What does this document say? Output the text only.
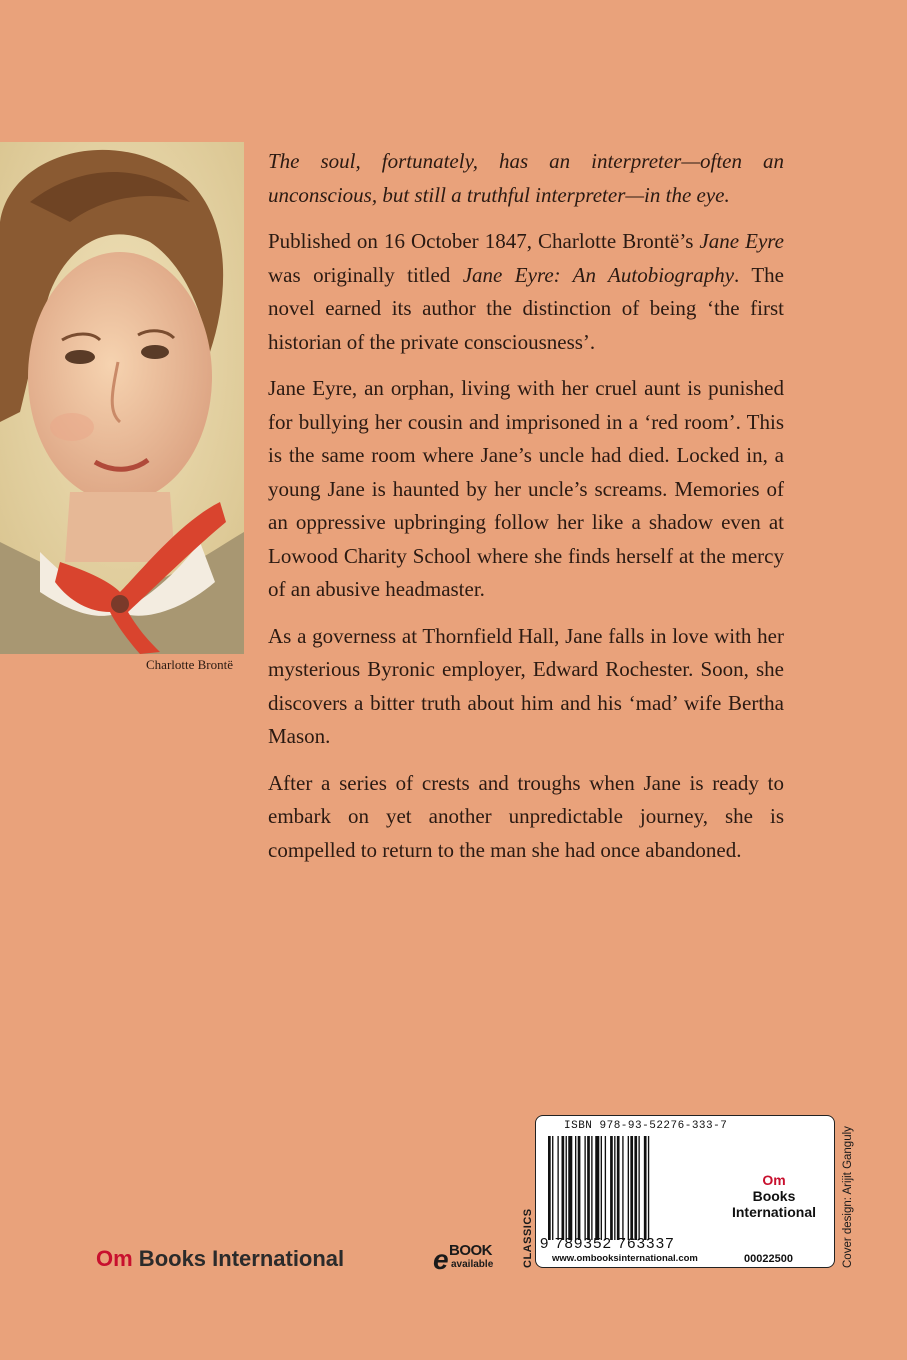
Charlotte Brontë

The soul, fortunately, has an interpreter—often an unconscious, but still a truthful interpreter—in the eye.

Published on 16 October 1847, Charlotte Brontë’s Jane Eyre was originally titled Jane Eyre: An Autobiography. The novel earned its author the distinction of being ‘the first historian of the private consciousness’.

Jane Eyre, an orphan, living with her cruel aunt is punished for bullying her cousin and imprisoned in a ‘red room’. This is the same room where Jane’s uncle had died. Locked in, a young Jane is haunted by her uncle’s screams. Memories of an oppressive upbringing follow her like a shadow even at Lowood Charity School where she finds herself at the mercy of an abusive headmaster.

As a governess at Thornfield Hall, Jane falls in love with her mysterious Byronic employer, Edward Rochester. Soon, she discovers a bitter truth about him and his ‘mad’ wife Bertha Mason.

After a series of crests and troughs when Jane is ready to embark on yet another unpredictable journey, she is compelled to return to the man she had once abandoned.

Om Books International	e BOOK
available	CLASSICS
ISBN 978-93-52276-333-7
9 789352 763337
www.ombooksinternational.com
Om
Books International
00022500	Cover design: Arijit Ganguly
